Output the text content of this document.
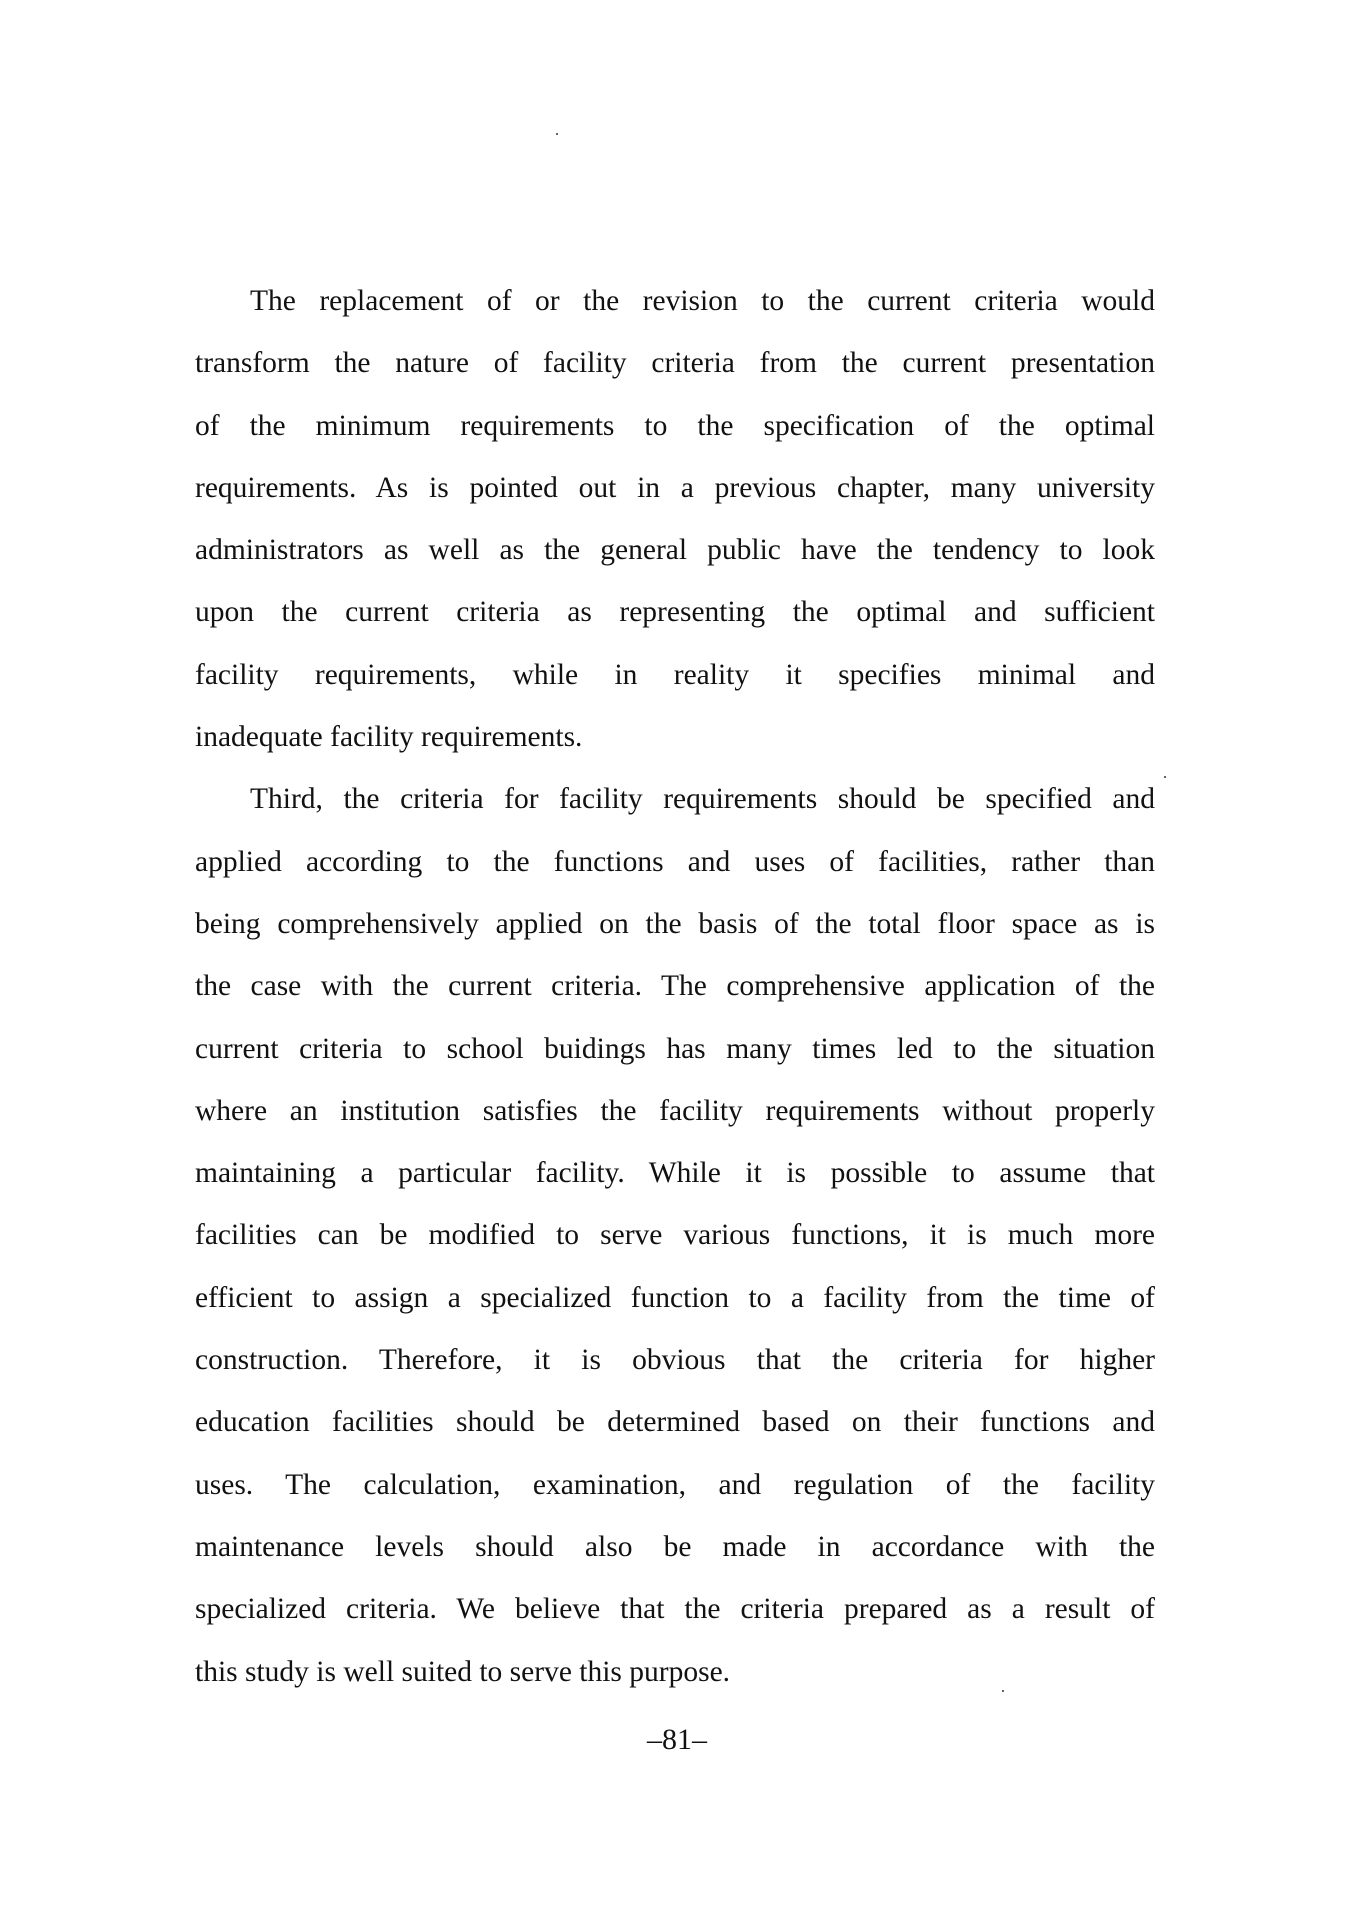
The replacement of or the revision to the current criteria would
transform the nature of facility criteria from the current presentation
of the minimum requirements to the specification of the optimal
requirements. As is pointed out in a previous chapter, many university
administrators as well as the general public have the tendency to look
upon the current criteria as representing the optimal and sufficient
facility requirements, while in reality it specifies minimal and
inadequate facility requirements.
Third, the criteria for facility requirements should be specified and
applied according to the functions and uses of facilities, rather than
being comprehensively applied on the basis of the total floor space as is
the case with the current criteria. The comprehensive application of the
current criteria to school buidings has many times led to the situation
where an institution satisfies the facility requirements without properly
maintaining a particular facility. While it is possible to assume that
facilities can be modified to serve various functions, it is much more
efficient to assign a specialized function to a facility from the time of
construction. Therefore, it is obvious that the criteria for higher
education facilities should be determined based on their functions and
uses. The calculation, examination, and regulation of the facility
maintenance levels should also be made in accordance with the
specialized criteria. We believe that the criteria prepared as a result of
this study is well suited to serve this purpose.
–81–
